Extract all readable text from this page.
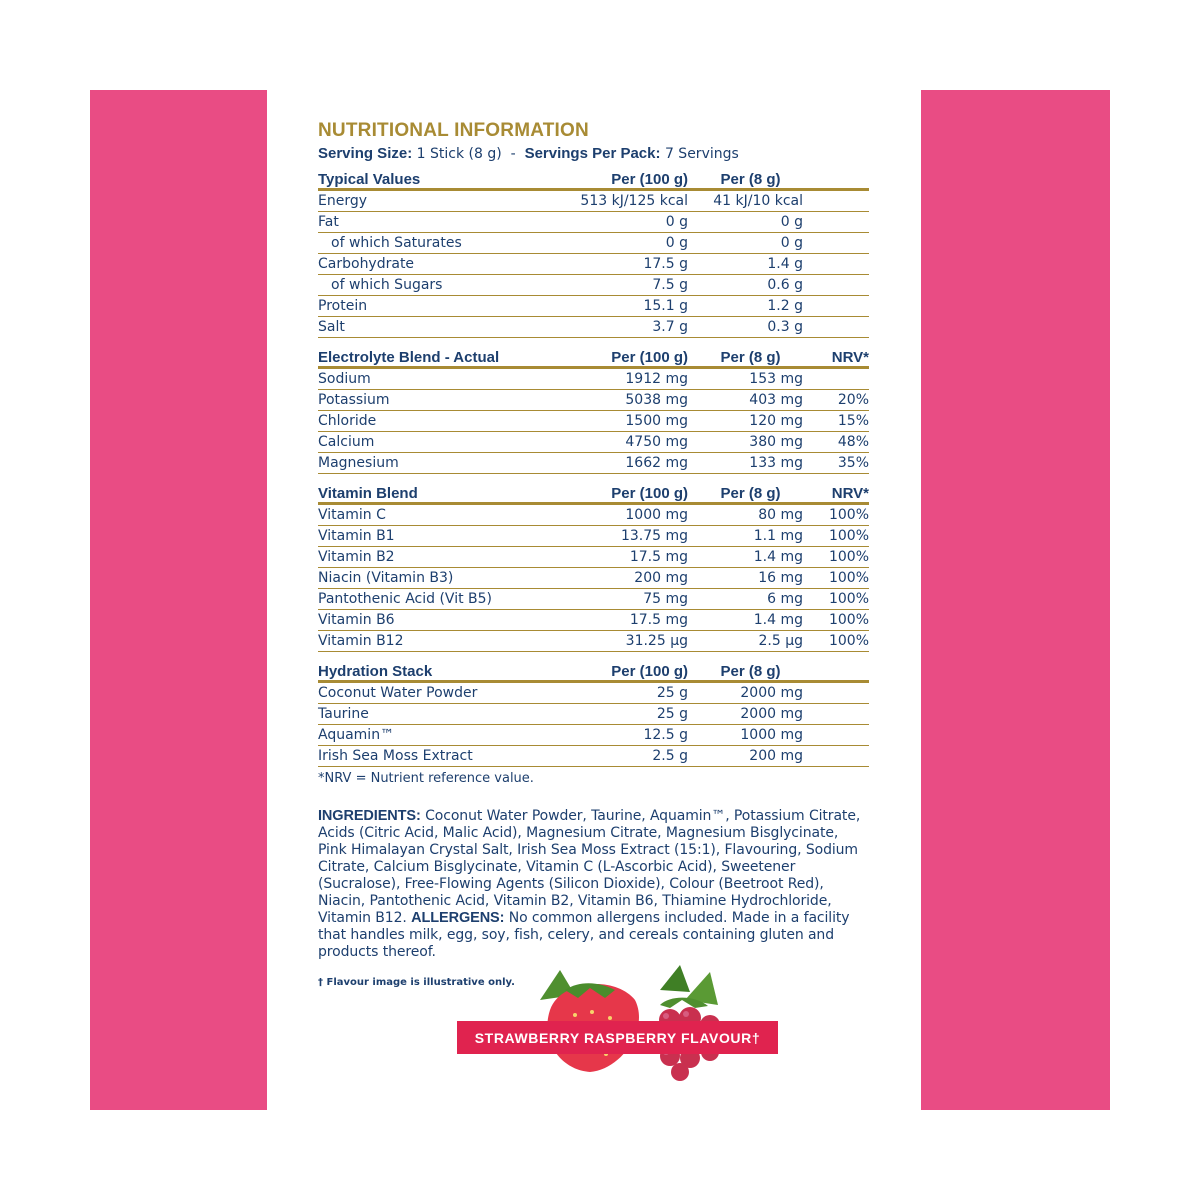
NUTRITIONAL INFORMATION

Serving Size: 1 Stick (8 g) - Servings Per Pack: 7 Servings

Typical Values	Per (100 g)	Per (8 g)	
Energy	513 kJ/125 kcal	41 kJ/10 kcal	
Fat	0 g	0 g	
of which Saturates	0 g	0 g	
Carbohydrate	17.5 g	1.4 g	
of which Sugars	7.5 g	0.6 g	
Protein	15.1 g	1.2 g	
Salt	3.7 g	0.3 g	
Electrolyte Blend - Actual	Per (100 g)	Per (8 g)	NRV*
Sodium	1912 mg	153 mg	
Potassium	5038 mg	403 mg	20%
Chloride	1500 mg	120 mg	15%
Calcium	4750 mg	380 mg	48%
Magnesium	1662 mg	133 mg	35%
Vitamin Blend	Per (100 g)	Per (8 g)	NRV*
Vitamin C	1000 mg	80 mg	100%
Vitamin B1	13.75 mg	1.1 mg	100%
Vitamin B2	17.5 mg	1.4 mg	100%
Niacin (Vitamin B3)	200 mg	16 mg	100%
Pantothenic Acid (Vit B5)	75 mg	6 mg	100%
Vitamin B6	17.5 mg	1.4 mg	100%
Vitamin B12	31.25 µg	2.5 µg	100%
Hydration Stack	Per (100 g)	Per (8 g)	
Coconut Water Powder	25 g	2000 mg	
Taurine	25 g	2000 mg	
Aquamin™	12.5 g	1000 mg	
Irish Sea Moss Extract	2.5 g	200 mg	

*NRV = Nutrient reference value.

INGREDIENTS: Coconut Water Powder, Taurine, Aquamin™, Potassium Citrate, Acids (Citric Acid, Malic Acid), Magnesium Citrate, Magnesium Bisglycinate, Pink Himalayan Crystal Salt, Irish Sea Moss Extract (15:1), Flavouring, Sodium Citrate, Calcium Bisglycinate, Vitamin C (L-Ascorbic Acid), Sweetener (Sucralose), Free-Flowing Agents (Silicon Dioxide), Colour (Beetroot Red), Niacin, Pantothenic Acid, Vitamin B2, Vitamin B6, Thiamine Hydrochloride, Vitamin B12. ALLERGENS: No common allergens included. Made in a facility that handles milk, egg, soy, fish, celery, and cereals containing gluten and products thereof.

† Flavour image is illustrative only.
STRAWBERRY RASPBERRY FLAVOUR†
